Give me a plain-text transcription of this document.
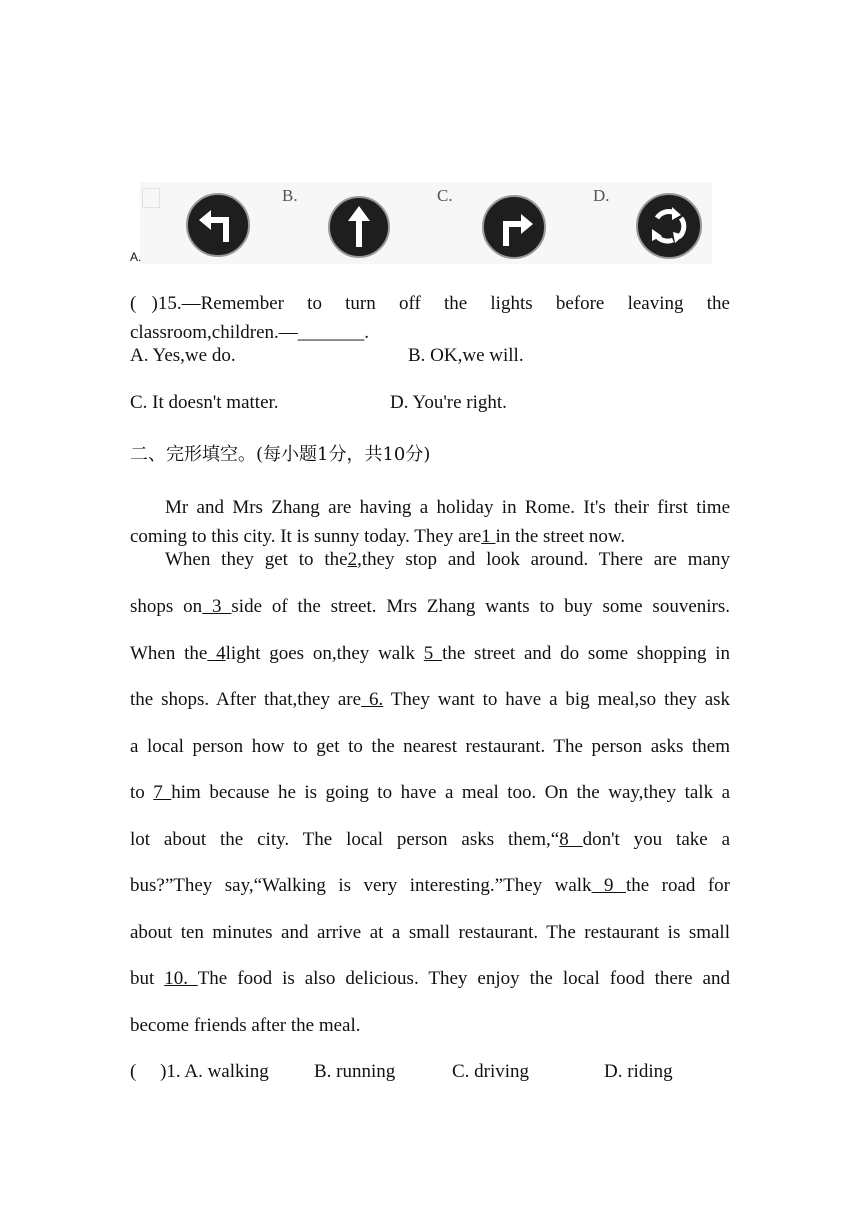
B.	C.	D.
A.
( )15.—Remember to turn off the lights before leaving the
classroom,children.—_______.
A. Yes,we do.	B. OK,we will.
C. It doesn't matter.	D. You're right.
二、完形填空。(每小题1分，共10分)
Mr and Mrs Zhang are having a holiday in Rome. It's their first time
coming to this city. It is sunny today. They are1 in the street now.
When they get to the2,they stop and look around. There are many
shops on 3 side of the street. Mrs Zhang wants to buy some souvenirs.
When the 4light goes on,they walk 5 the street and do some shopping in
the shops. After that,they are 6. They want to have a big meal,so they ask
a local person how to get to the nearest restaurant. The person asks them
to 7 him because he is going to have a meal too. On the way,they talk a
lot about the city. The local person asks them,“8 don't you take a
bus?”They say,“Walking is very interesting.”They walk 9 the road for
about ten minutes and arrive at a small restaurant. The restaurant is small
but 10. The food is also delicious. They enjoy the local food there and
become friends after the meal.
(     )1. A. walking B. running	C. driving	D. riding
